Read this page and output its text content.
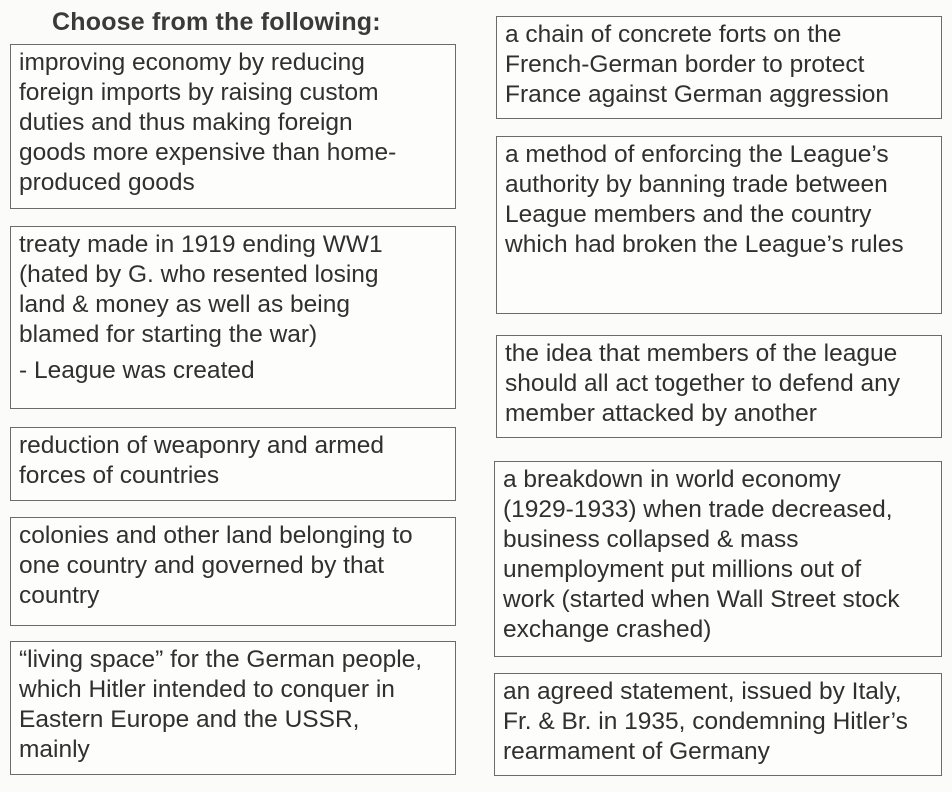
Choose from the following:

improving economy by reducing
foreign imports by raising custom
duties and thus making foreign
goods more expensive than home-
produced goods

treaty made in 1919 ending WW1
(hated by G. who resented losing
land & money as well as being
blamed for starting the war)

- League was created

reduction of weaponry and armed
forces of countries

colonies and other land belonging to
one country and governed by that
country

“living space” for the German people,
which Hitler intended to conquer in
Eastern Europe and the USSR,
mainly

a chain of concrete forts on the
French-German border to protect
France against German aggression

a method of enforcing the League’s
authority by banning trade between
League members and the country
which had broken the League’s rules

the idea that members of the league
should all act together to defend any
member attacked by another

a breakdown in world economy
(1929-1933) when trade decreased,
business collapsed & mass
unemployment put millions out of
work (started when Wall Street stock
exchange crashed)

an agreed statement, issued by Italy,
Fr. & Br. in 1935, condemning Hitler’s
rearmament of Germany
